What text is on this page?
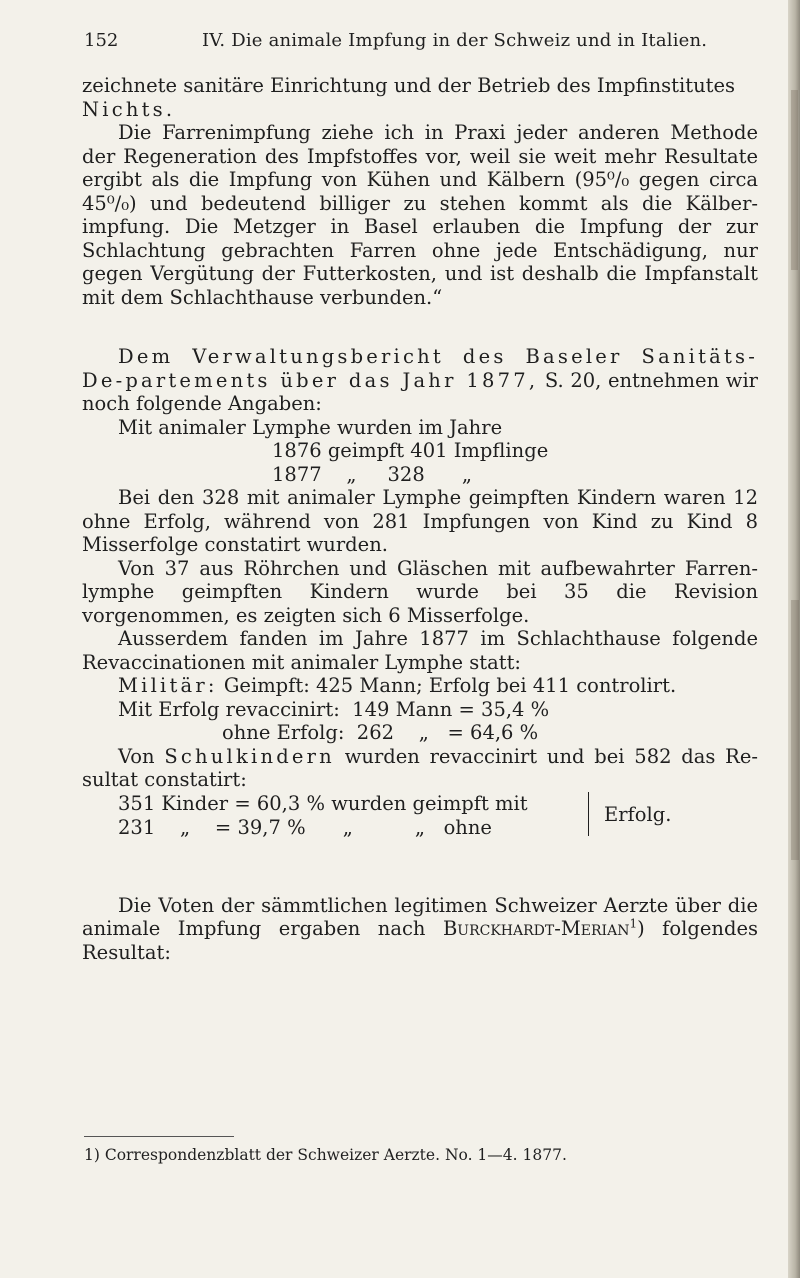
152	IV. Die animale Impfung in der Schweiz und in Italien.

zeichnete sanitäre Einrichtung und der Betrieb des Impfinstitutes
Nichts.

Die Farrenimpfung ziehe ich in Praxi jeder anderen Methode der Regeneration des Impfstoffes vor, weil sie weit mehr Resultate ergibt als die Impfung von Kühen und Kälbern (95⁰/₀ gegen circa 45⁰/₀) und bedeutend billiger zu stehen kommt als die Kälber-impfung. Die Metzger in Basel erlauben die Impfung der zur Schlachtung gebrachten Farren ohne jede Entschädigung, nur gegen Vergütung der Futterkosten, und ist deshalb die Impfanstalt mit dem Schlachthause verbunden.“

Dem Verwaltungsbericht des Baseler Sanitäts-De-partements über das Jahr 1877, S. 20, entnehmen wir noch folgende Angaben:

Mit animaler Lymphe wurden im Jahre
1876 geimpft 401 Impflinge
1877    „     328      „

Bei den 328 mit animaler Lymphe geimpften Kindern waren 12 ohne Erfolg, während von 281 Impfungen von Kind zu Kind 8 Misserfolge constatirt wurden.

Von 37 aus Röhrchen und Gläschen mit aufbewahrter Farren-lymphe geimpften Kindern wurde bei 35 die Revision vorgenommen, es zeigten sich 6 Misserfolge.

Ausserdem fanden im Jahre 1877 im Schlachthause folgende Revaccinationen mit animaler Lymphe statt:

Militär: Geimpft: 425 Mann; Erfolg bei 411 controlirt.
Mit Erfolg revaccinirt:  149 Mann = 35,4 %
ohne Erfolg:  262    „   = 64,6 %

Von Schulkindern wurden revaccinirt und bei 582 das Re-sultat constatirt:

351 Kinder = 60,3 % wurden geimpft mit
231    „    = 39,7 %      „          „   ohne
Erfolg.

Die Voten der sämmtlichen legitimen Schweizer Aerzte über die animale Impfung ergaben nach Burckhardt-Merian$^1$) folgendes Resultat:

1) Correspondenzblatt der Schweizer Aerzte. No. 1—4. 1877.
